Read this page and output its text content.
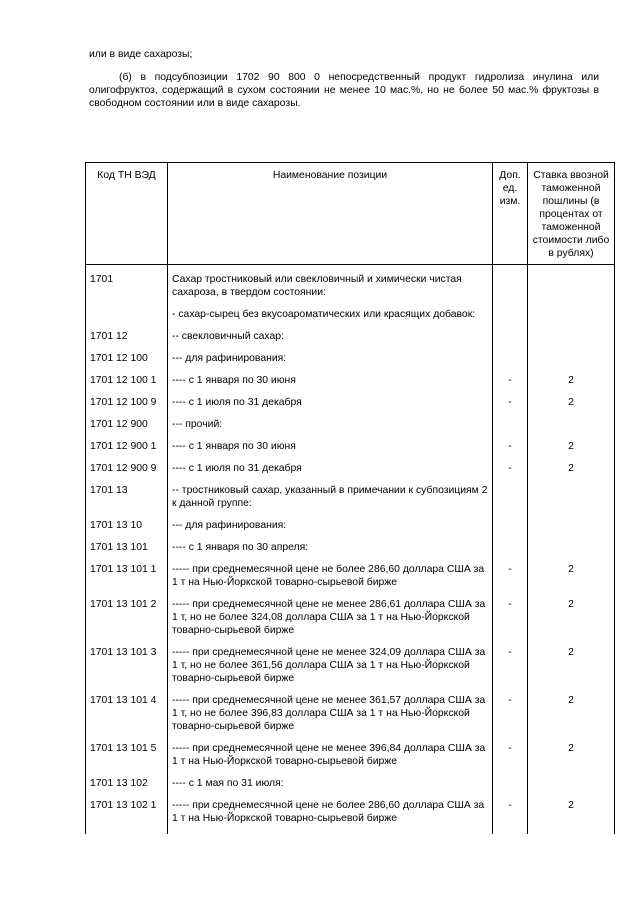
или в виде сахарозы;
(б) в подсубпозиции 1702 90 800 0 непосредственный продукт гидролиза инулина или олигофруктоз, содержащий в сухом состоянии не менее 10 мас.%, но не более 50 мас.% фруктозы в свободном состоянии или в виде сахарозы.
Код ТН ВЭД	Наименование позиции	Доп. ед. изм.	Ставка ввозной таможенной пошлины (в процентах от таможенной стоимости либо в рублях)
1701	Сахар тростниковый или свекловичный и химически чистая сахароза, в твердом состоянии:
- сахар-сырец без вкусоароматических или красящих добавок:		

1701 12	-- свекловичный сахар:		

1701 12 100	--- для рафинирования:		

1701 12 100 1	---- с 1 января по 30 июня	-	2
1701 12 100 9	---- с 1 июля по 31 декабря	-	2
1701 12 900	--- прочий:		

1701 12 900 1	---- с 1 января по 30 июня	-	2
1701 12 900 9	---- с 1 июля по 31 декабря	-	2
1701 13	-- тростниковый сахар, указанный в примечании к субпозициям 2 к данной группе:		

1701 13 10	--- для рафинирования:		

1701 13 101	---- с 1 января по 30 апреля:		

1701 13 101 1	----- при среднемесячной цене не более 286,60 доллара США за 1 т на Нью-Йоркской товарно-сырьевой бирже	-	2
1701 13 101 2	----- при среднемесячной цене не менее 286,61 доллара США за 1 т, но не более 324,08 доллара США за 1 т на Нью-Йоркской товарно-сырьевой бирже	-	2
1701 13 101 3	----- при среднемесячной цене не менее 324,09 доллара США за 1 т, но не более 361,56 доллара США за 1 т на Нью-Йоркской товарно-сырьевой бирже	-	2
1701 13 101 4	----- при среднемесячной цене не менее 361,57 доллара США за 1 т, но не более 396,83 доллара США за 1 т на Нью-Йоркской товарно-сырьевой бирже	-	2
1701 13 101 5	----- при среднемесячной цене не менее 396,84 доллара США за 1 т на Нью-Йоркской товарно-сырьевой бирже	-	2
1701 13 102	---- с 1 мая по 31 июля:		

1701 13 102 1	----- при среднемесячной цене не более 286,60 доллара США за 1 т на Нью-Йоркской товарно-сырьевой бирже	-	2
